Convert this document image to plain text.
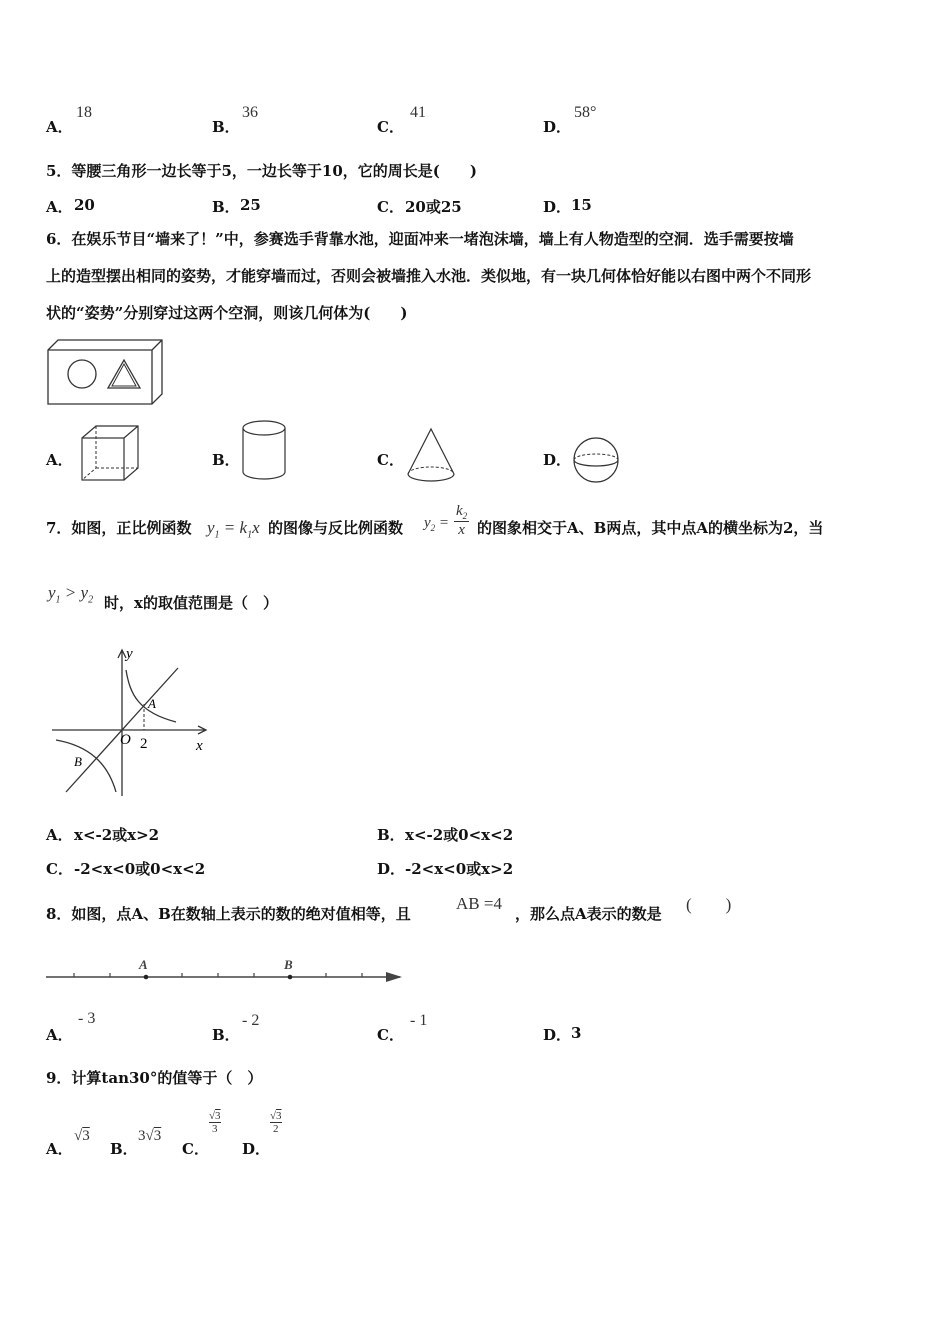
A．
18
B．
36
C．
41
D．
58°
5．等腰三角形一边长等于5，一边长等于10，它的周长是(　　)
A． 20	B． 25	C． 20或25	D． 15
6．在娱乐节目“墙来了！”中，参赛选手背靠水池，迎面冲来一堵泡沫墙，墙上有人物造型的空洞．选手需要按墙
上的造型摆出相同的姿势，才能穿墙而过，否则会被墙推入水池．类似地，有一块几何体恰好能以右图中两个不同形
状的“姿势”分别穿过这两个空洞，则该几何体为(　　)
A．	B．	C．	D．
7．如图，正比例函数 $y_1 = k_1x$ 的图像与反比例函数 $y_2$ =
$k_2$
x 的图象相交于A、B两点，其中点A的横坐标为2，当
$y_1 > y_2$ 时，x的取值范围是（　）
y
x
O 2
A
B
A． x<-2或x>2	B． x<-2或0<x<2
C． -2<x<0或0<x<2	D． -2<x<0或x>2
8．如图，点A、B在数轴上表示的数的绝对值相等，且
AB =4
，那么点A表示的数是 (　　)
A	B
A．
- 3
B．
- 2
C．
- 1
D． 3
9．计算tan30°的值等于（　）
A．
√3
B．
3√3
C．
√3
3
D．
√3
2
